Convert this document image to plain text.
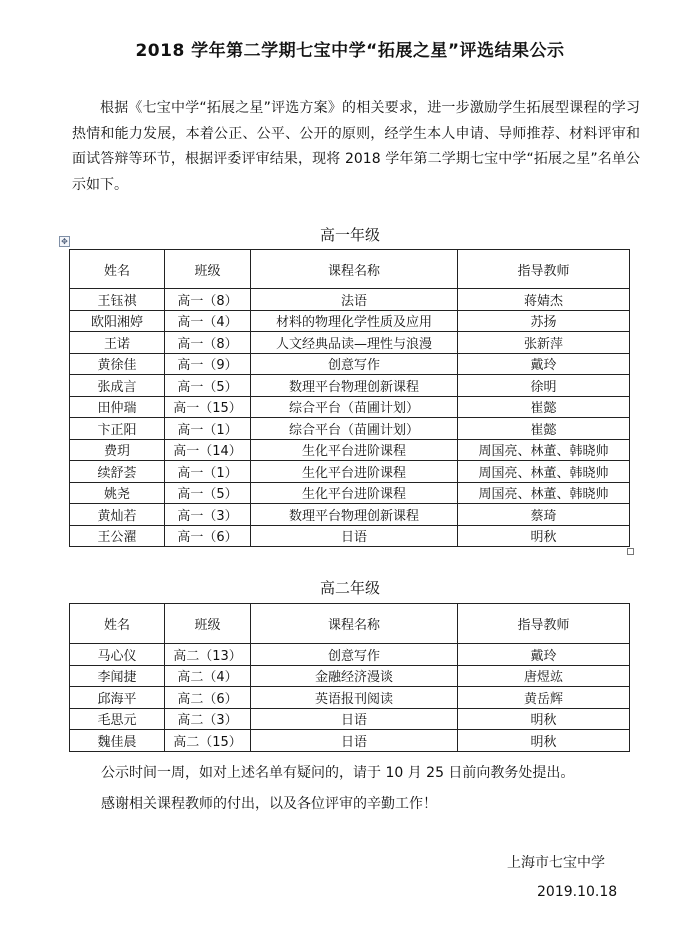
2018 学年第二学期七宝中学“拓展之星”评选结果公示
根据《七宝中学“拓展之星”评选方案》的相关要求，进一步激励学生拓展型课程的学习热情和能力发展，本着公正、公平、公开的原则，经学生本人申请、导师推荐、材料评审和面试答辩等环节，根据评委评审结果，现将 2018 学年第二学期七宝中学“拓展之星”名单公示如下。
高一年级
✥
姓名	班级	课程名称	指导教师
王钰祺	高一（8）	法语	蒋婧杰
欧阳湘婷	高一（4）	材料的物理化学性质及应用	苏扬
王诺	高一（8）	人文经典品读—理性与浪漫	张新萍
黄徐佳	高一（9）	创意写作	戴玲
张成言	高一（5）	数理平台物理创新课程	徐明
田仲瑞	高一（15）	综合平台（苗圃计划）	崔懿
卞正阳	高一（1）	综合平台（苗圃计划）	崔懿
费玥	高一（14）	生化平台进阶课程	周国亮、林董、韩晓帅
续舒荟	高一（1）	生化平台进阶课程	周国亮、林董、韩晓帅
姚尧	高一（5）	生化平台进阶课程	周国亮、林董、韩晓帅
黄灿若	高一（3）	数理平台物理创新课程	蔡琦
王公濯	高一（6）	日语	明秋
高二年级
姓名	班级	课程名称	指导教师
马心仪	高二（13）	创意写作	戴玲
李闻捷	高二（4）	金融经济漫谈	唐煜竑
邱海平	高二（6）	英语报刊阅读	黄岳辉
毛思元	高二（3）	日语	明秋
魏佳晨	高二（15）	日语	明秋
公示时间一周，如对上述名单有疑问的，请于 10 月 25 日前向教务处提出。
感谢相关课程教师的付出，以及各位评审的辛勤工作！
上海市七宝中学
2019.10.18
